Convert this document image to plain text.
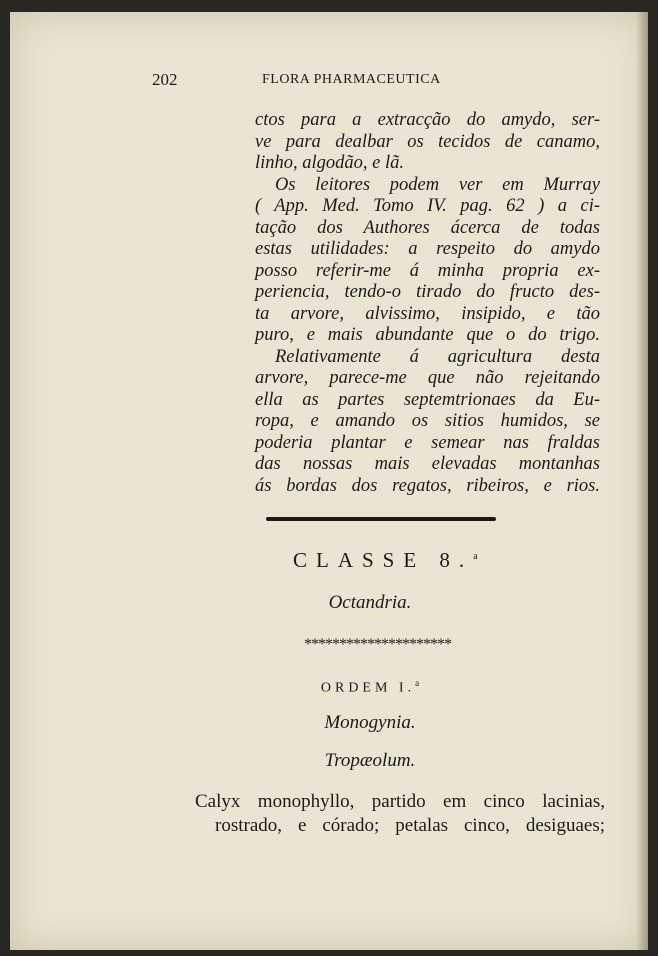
202	FLORA PHARMACEUTICA
ctos para a extracção do amydo, ser-
ve para dealbar os tecidos de canamo,
linho, algodão, e lã.
Os leitores podem ver em Murray
( App. Med. Tomo IV. pag. 62 ) a ci-
tação dos Authores ácerca de todas
estas utilidades: a respeito do amydo
posso referir-me á minha propria ex-
periencia, tendo-o tirado do fructo des-
ta arvore, alvissimo, insipido, e tão
puro, e mais abundante que o do trigo.
Relativamente á agricultura desta
arvore, parece-me que não rejeitando
ella as partes septemtrionaes da Eu-
ropa, e amando os sitios humidos, se
poderia plantar e semear nas fraldas
das nossas mais elevadas montanhas
ás bordas dos regatos, ribeiros, e rios.
CLASSE 8.$^a$
Octandria.
*********************
ORDEM I.$^a$
Monogynia.
Tropæolum.
Calyx monophyllo, partido em cinco lacinias,
rostrado, e córado; petalas cinco, desiguaes;
